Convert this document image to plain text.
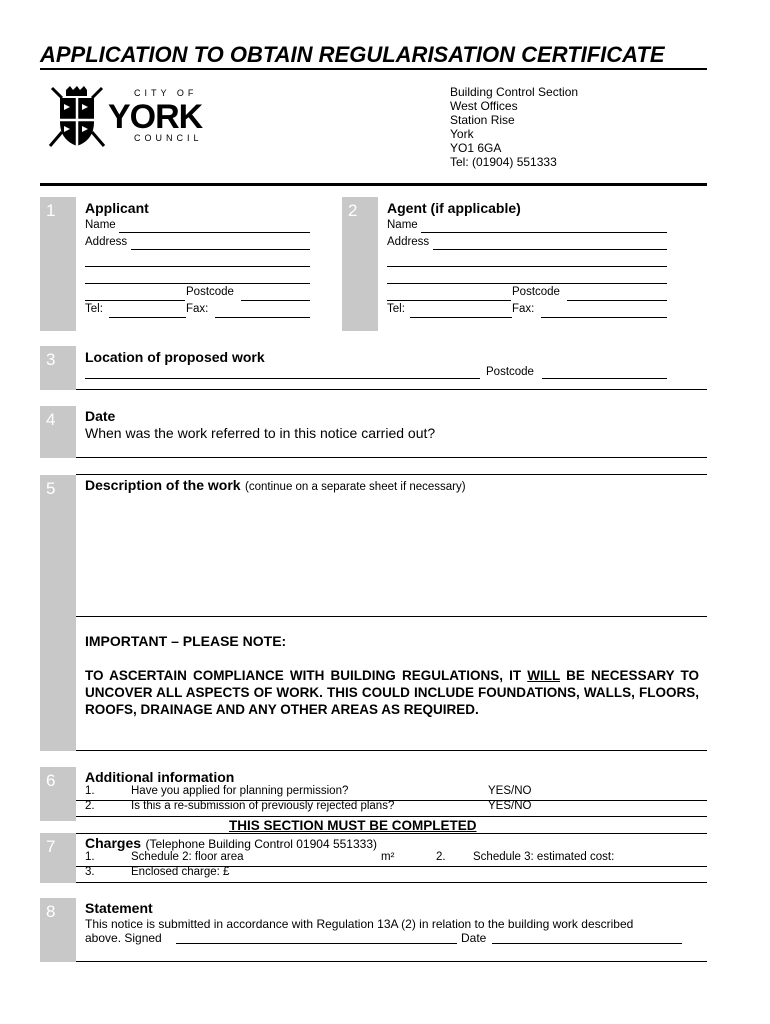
APPLICATION TO OBTAIN REGULARISATION CERTIFICATE
CITY OF
YORK
COUNCIL
Building Control Section
West Offices
Station Rise
York
YO1 6GA
Tel: (01904) 551333
1	Applicant
Name
Address
Postcode
Tel:	Fax:
2	Agent (if applicable)
Name
Address
Postcode
Tel:	Fax:
3	Location of proposed work
Postcode
4	Date
When was the work referred to in this notice carried out?
5	Description of the work (continue on a separate sheet if necessary)
IMPORTANT – PLEASE NOTE:
TO ASCERTAIN COMPLIANCE WITH BUILDING REGULATIONS, IT WILL BE NECESSARY TO UNCOVER ALL ASPECTS OF WORK. THIS COULD INCLUDE FOUNDATIONS, WALLS, FLOORS, ROOFS, DRAINAGE AND ANY OTHER AREAS AS REQUIRED.
6	Additional information
1.	Have you applied for planning permission?	YES/NO
2.	Is this a re-submission of previously rejected plans?	YES/NO
THIS SECTION MUST BE COMPLETED
7	Charges (Telephone Building Control 01904 551333)
1.	Schedule 2: floor area	m²	2. Schedule 3: estimated cost:
3.	Enclosed charge: £
8	Statement
This notice is submitted in accordance with Regulation 13A (2) in relation to the building work described
above. Signed	Date
